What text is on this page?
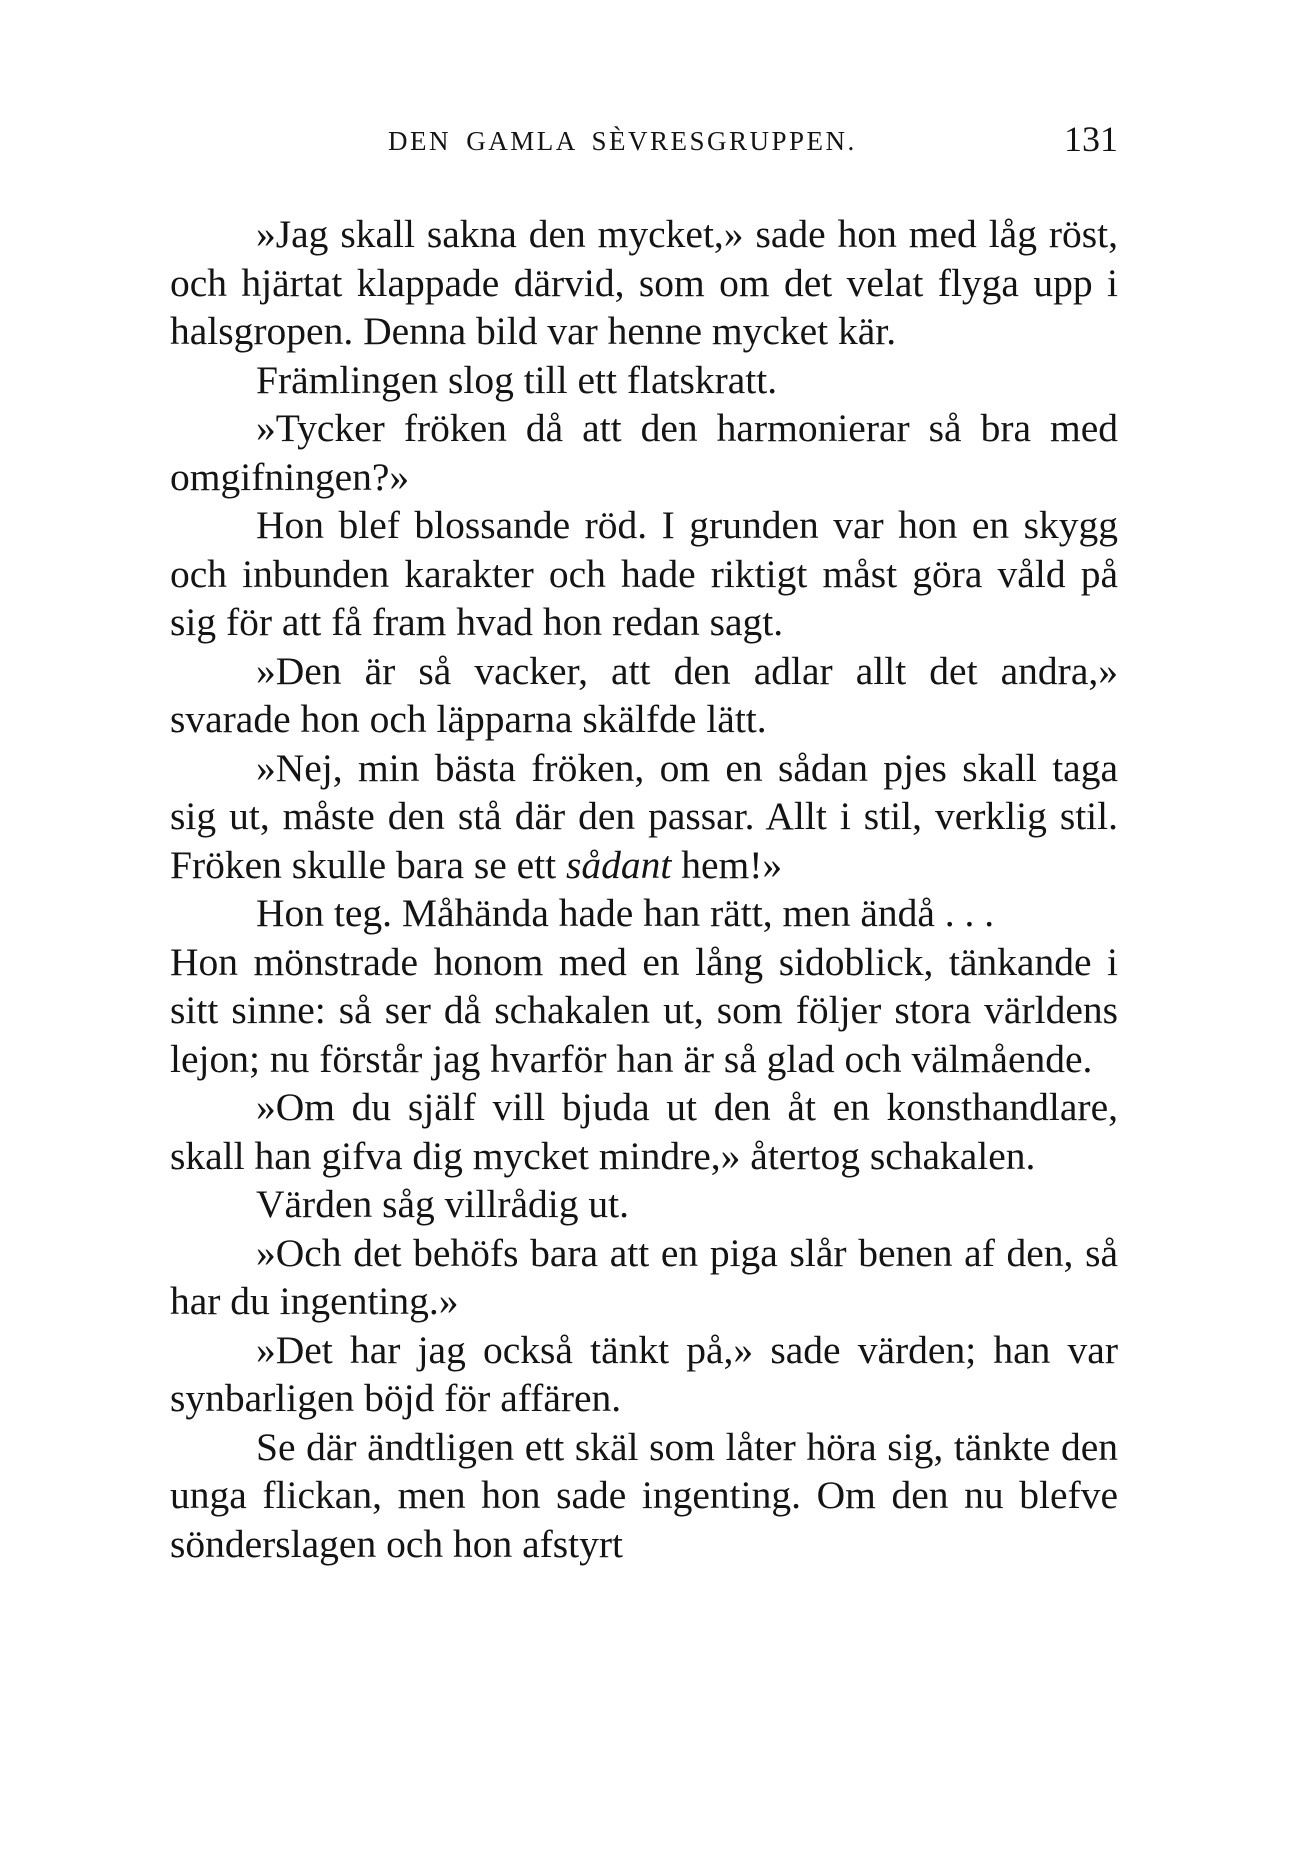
DEN GAMLA SÈVRESGRUPPEN.	131

»Jag skall sakna den mycket,» sade hon med låg röst, och hjärtat klappade därvid, som om det velat flyga upp i halsgropen. Denna bild var henne mycket kär.

Främlingen slog till ett flatskratt.

»Tycker fröken då att den harmonierar så bra med omgifningen?»

Hon blef blossande röd. I grunden var hon en skygg och inbunden karakter och hade riktigt måst göra våld på sig för att få fram hvad hon redan sagt.

»Den är så vacker, att den adlar allt det andra,» svarade hon och läpparna skälfde lätt.

»Nej, min bästa fröken, om en sådan pjes skall taga sig ut, måste den stå där den passar. Allt i stil, verklig stil. Fröken skulle bara se ett sådant hem!»

Hon teg. Måhända hade han rätt, men ändå . . .

Hon mönstrade honom med en lång sidoblick, tänkande i sitt sinne: så ser då schakalen ut, som följer stora världens lejon; nu förstår jag hvarför han är så glad och välmående.

»Om du själf vill bjuda ut den åt en konsthandlare, skall han gifva dig mycket mindre,» återtog schakalen.

Värden såg villrådig ut.

»Och det behöfs bara att en piga slår benen af den, så har du ingenting.»

»Det har jag också tänkt på,» sade värden; han var synbarligen böjd för affären.

Se där ändtligen ett skäl som låter höra sig, tänkte den unga flickan, men hon sade ingenting. Om den nu blefve sönderslagen och hon afstyrt
